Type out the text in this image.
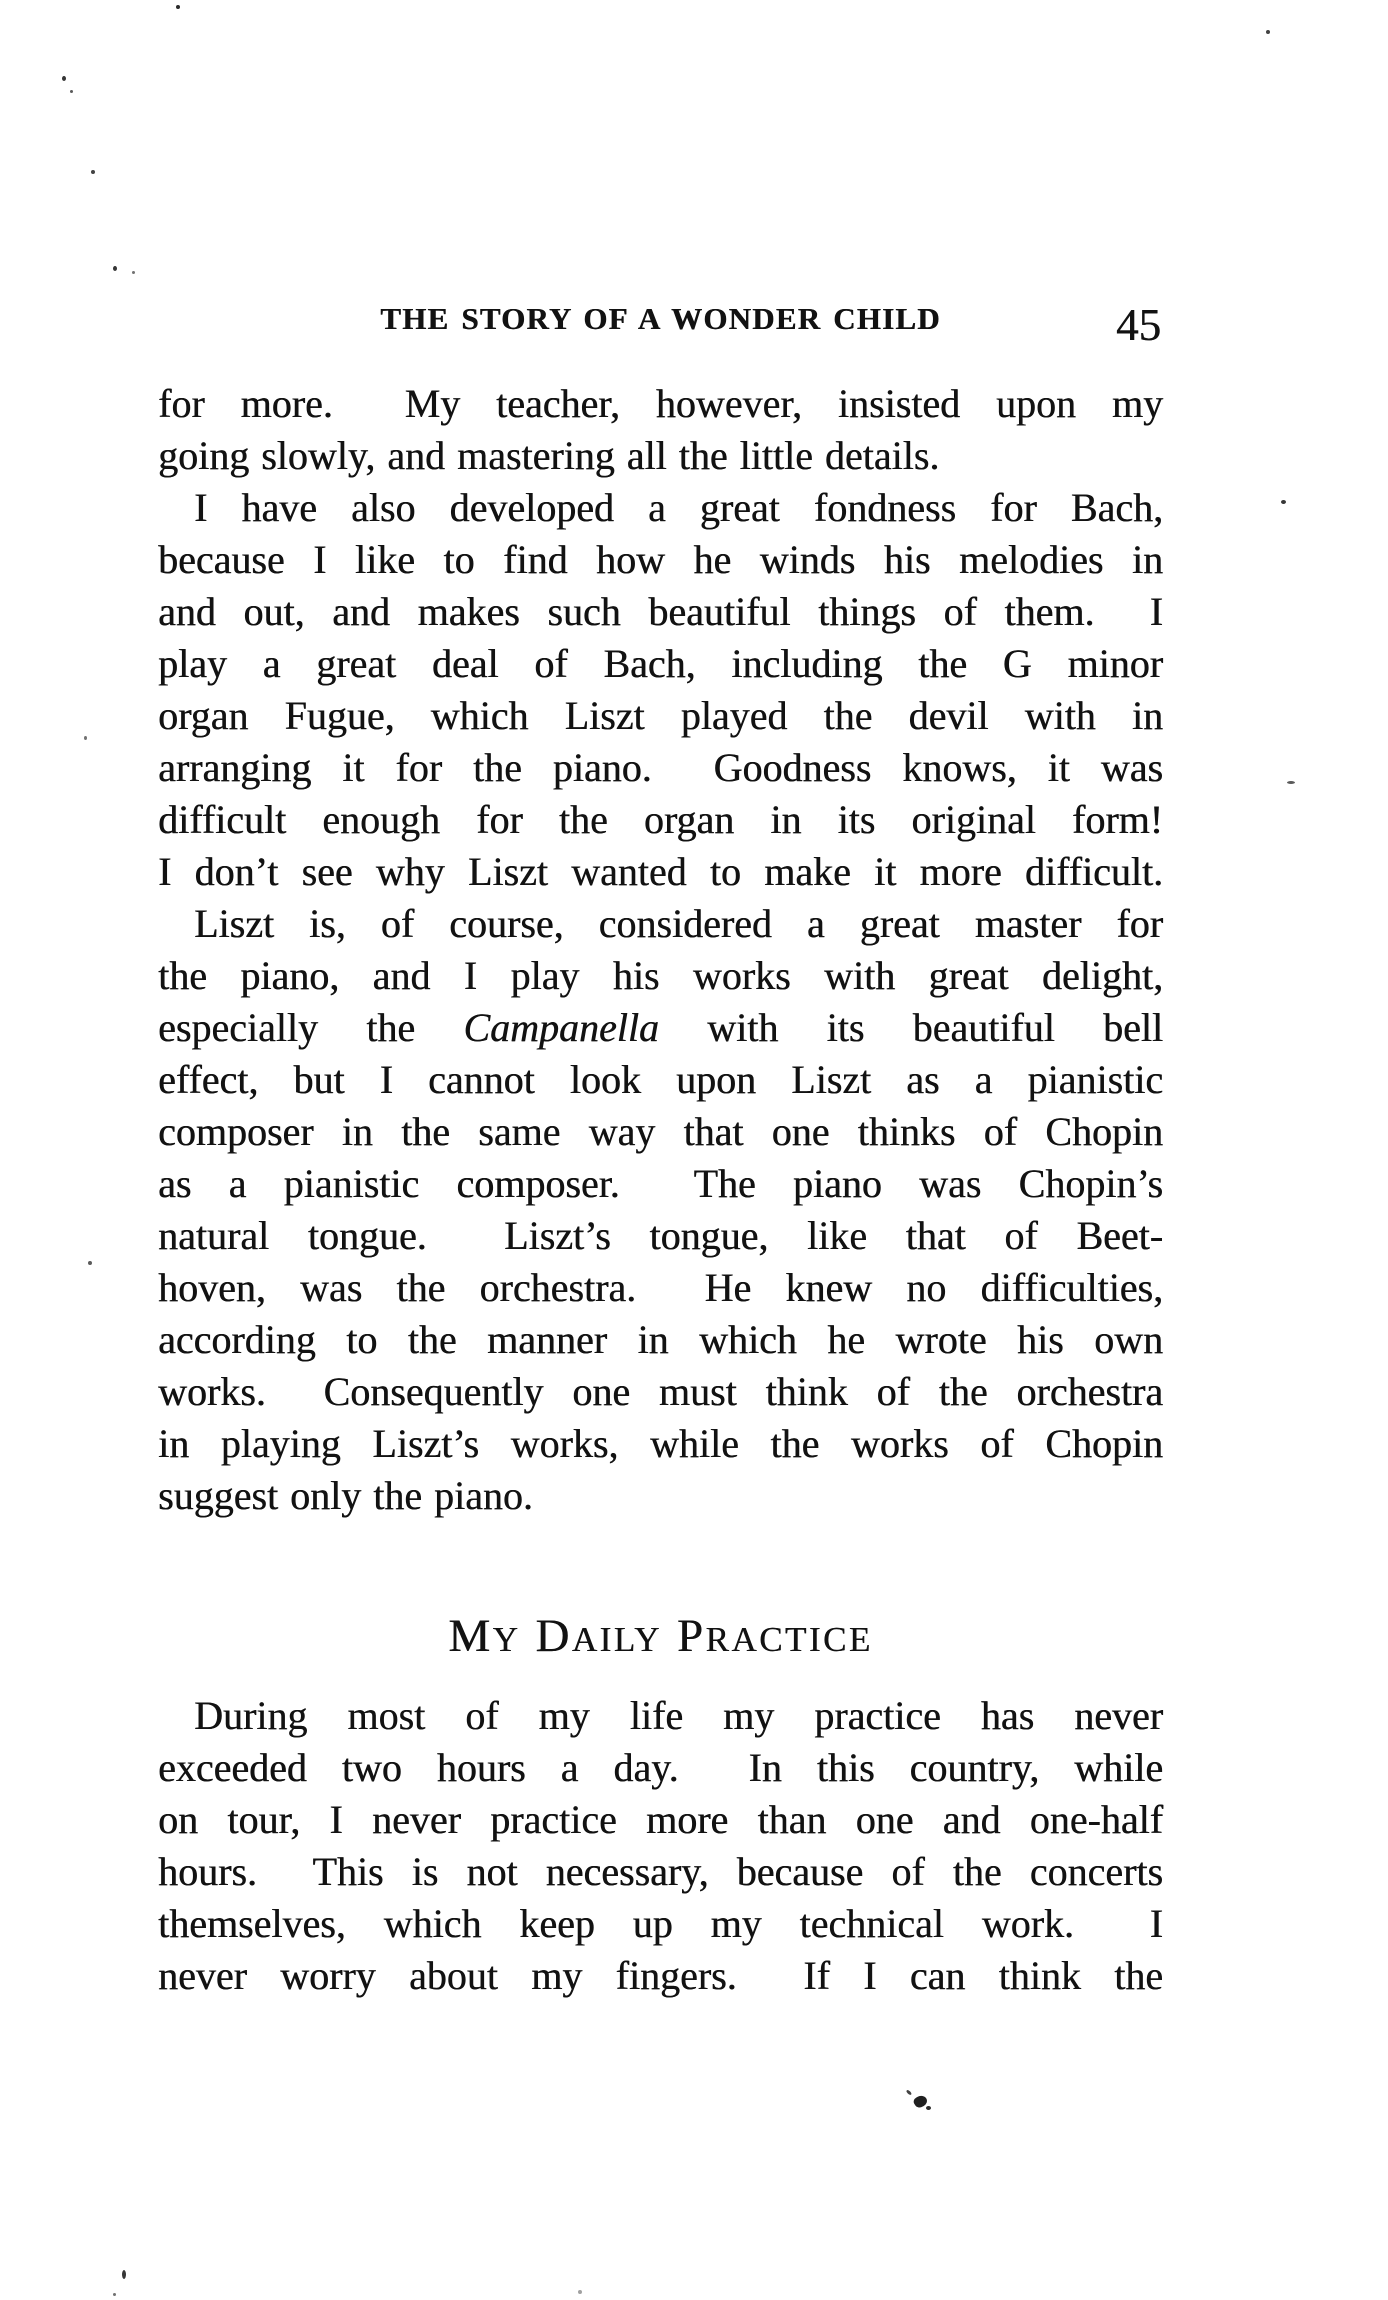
THE STORY OF A WONDER CHILD	45
for more.  My teacher, however, insisted upon my
going slowly, and mastering all the little details.
I have also developed a great fondness for Bach,
because I like to find how he winds his melodies in
and out, and makes such beautiful things of them.  I
play a great deal of Bach, including the G minor
organ Fugue, which Liszt played the devil with in
arranging it for the piano.  Goodness knows, it was
difficult enough for the organ in its original form!
I don’t see why Liszt wanted to make it more difficult.
Liszt is, of course, considered a great master for
the piano, and I play his works with great delight,
especially the Campanella with its beautiful bell
effect, but I cannot look upon Liszt as a pianistic
composer in the same way that one thinks of Chopin
as a pianistic composer.  The piano was Chopin’s
natural tongue.  Liszt’s tongue, like that of Beet-
hoven, was the orchestra.  He knew no difficulties,
according to the manner in which he wrote his own
works.  Consequently one must think of the orchestra
in playing Liszt’s works, while the works of Chopin
suggest only the piano.
MY DAILY PRACTICE
During most of my life my practice has never
exceeded two hours a day.  In this country, while
on tour, I never practice more than one and one-half
hours.  This is not necessary, because of the concerts
themselves, which keep up my technical work.  I
never worry about my fingers.  If I can think the
